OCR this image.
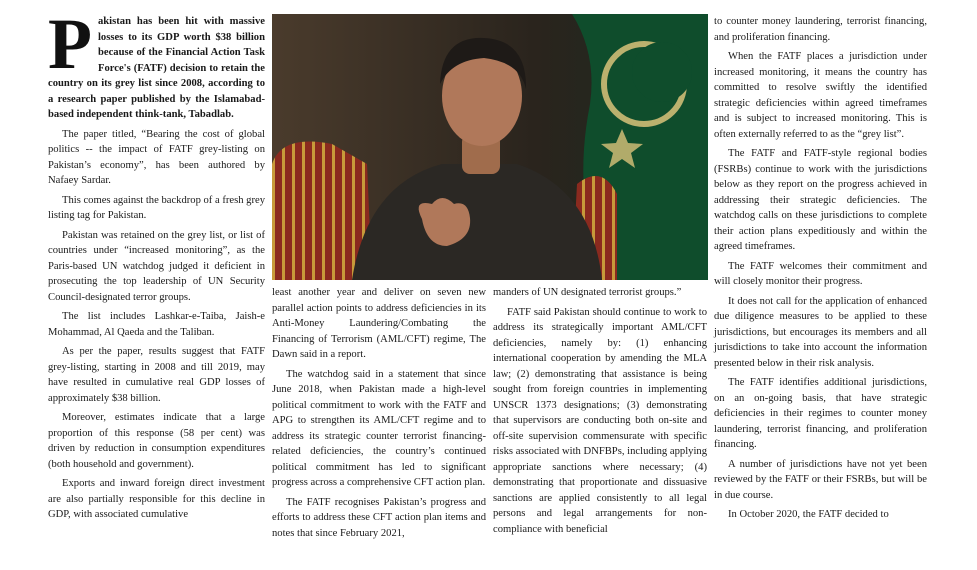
Pakistan has been hit with massive losses to its GDP worth $38 billion because of the Financial Action Task Force's (FATF) decision to retain the country on its grey list since 2008, according to a research paper published by the Islamabad-based independent think-tank, Tabadlab.

The paper titled, “Bearing the cost of global politics -- the impact of FATF grey-listing on Pakistan’s economy”, has been authored by Nafaey Sardar.

This comes against the backdrop of a fresh grey listing tag for Pakistan.

Pakistan was retained on the grey list, or list of countries under “increased monitoring”, as the Paris-based UN watchdog judged it deficient in prosecuting the top leadership of UN Security Council-designated terror groups.

The list includes Lashkar-e-Taiba, Jaish-e Mohammad, Al Qaeda and the Taliban.

As per the paper, results suggest that FATF grey-listing, starting in 2008 and till 2019, may have resulted in cumulative real GDP losses of approximately $38 billion.

Moreover, estimates indicate that a large proportion of this response (58 per cent) was driven by reduction in consumption expenditures (both household and government).

Exports and inward foreign direct investment are also partially responsible for this decline in GDP, with associated cumulative

least another year and deliver on seven new parallel action points to address deficiencies in its Anti-Money Laundering/Combating the Financing of Terrorism (AML/CFT) regime, The Dawn said in a report.

The watchdog said in a statement that since June 2018, when Pakistan made a high-level political commitment to work with the FATF and APG to strengthen its AML/CFT regime and to address its strategic counter terrorist financing-related deficiencies, the country’s continued political commitment has led to significant progress across a comprehensive CFT action plan.

The FATF recognises Pakistan’s progress and efforts to address these CFT action plan items and notes that since February 2021,

manders of UN designated terrorist groups.”

FATF said Pakistan should continue to work to address its strategically important AML/CFT deficiencies, namely by: (1) enhancing international cooperation by amending the MLA law; (2) demonstrating that assistance is being sought from foreign countries in implementing UNSCR 1373 designations; (3) demonstrating that supervisors are conducting both on-site and off-site supervision commensurate with specific risks associated with DNFBPs, including applying appropriate sanctions where necessary; (4) demonstrating that proportionate and dissuasive sanctions are applied consistently to all legal persons and legal arrangements for non-compliance with beneficial

to counter money laundering, terrorist financing, and proliferation financing.

When the FATF places a jurisdiction under increased monitoring, it means the country has committed to resolve swiftly the identified strategic deficiencies within agreed timeframes and is subject to increased monitoring. This is often externally referred to as the “grey list”.

The FATF and FATF-style regional bodies (FSRBs) continue to work with the jurisdictions below as they report on the progress achieved in addressing their strategic deficiencies. The watchdog calls on these jurisdictions to complete their action plans expeditiously and within the agreed timeframes.

The FATF welcomes their commitment and will closely monitor their progress.

It does not call for the application of enhanced due diligence measures to be applied to these jurisdictions, but encourages its members and all jurisdictions to take into account the information presented below in their risk analysis.

The FATF identifies additional jurisdictions, on an on-going basis, that have strategic deficiencies in their regimes to counter money laundering, terrorist financing, and proliferation financing.

A number of jurisdictions have not yet been reviewed by the FATF or their FSRBs, but will be in due course.

In October 2020, the FATF decided to
